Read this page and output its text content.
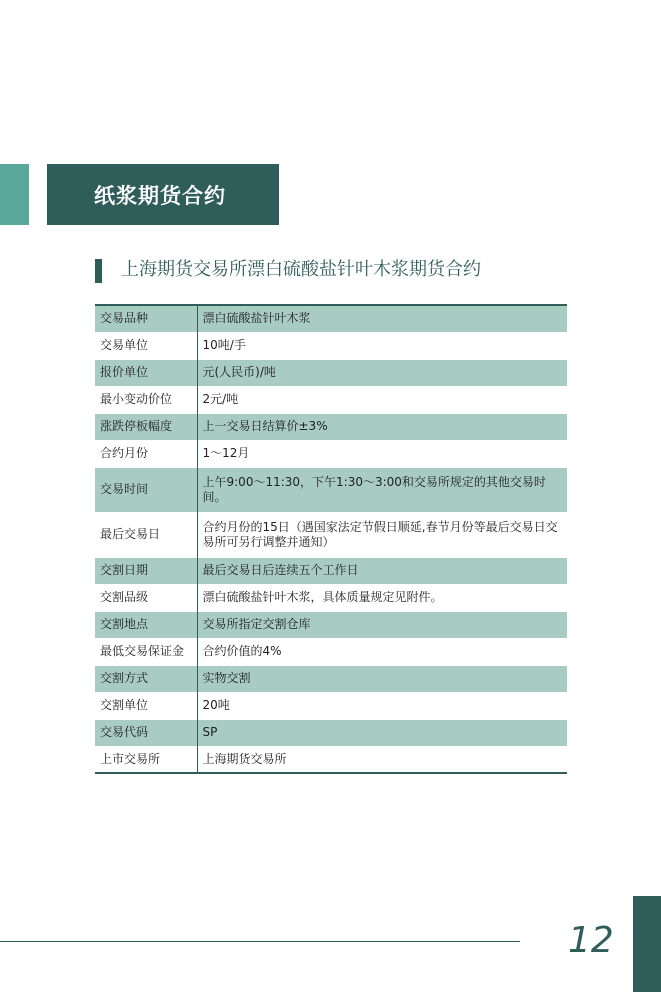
纸浆期货合约
上海期货交易所漂白硫酸盐针叶木浆期货合约
交易品种	漂白硫酸盐针叶木浆
交易单位	10吨/手
报价单位	元(人民币)/吨
最小变动价位	2元/吨
涨跌停板幅度	上一交易日结算价±3%
合约月份	1～12月
交易时间	上午9:00～11:30，下午1:30～3:00和交易所规定的其他交易时间。
最后交易日	合约月份的15日（遇国家法定节假日顺延,春节月份等最后交易日交易所可另行调整并通知）
交割日期	最后交易日后连续五个工作日
交割品级	漂白硫酸盐针叶木浆，具体质量规定见附件。
交割地点	交易所指定交割仓库
最低交易保证金	合约价值的4%
交割方式	实物交割
交割单位	20吨
交易代码	SP
上市交易所	上海期货交易所
12
